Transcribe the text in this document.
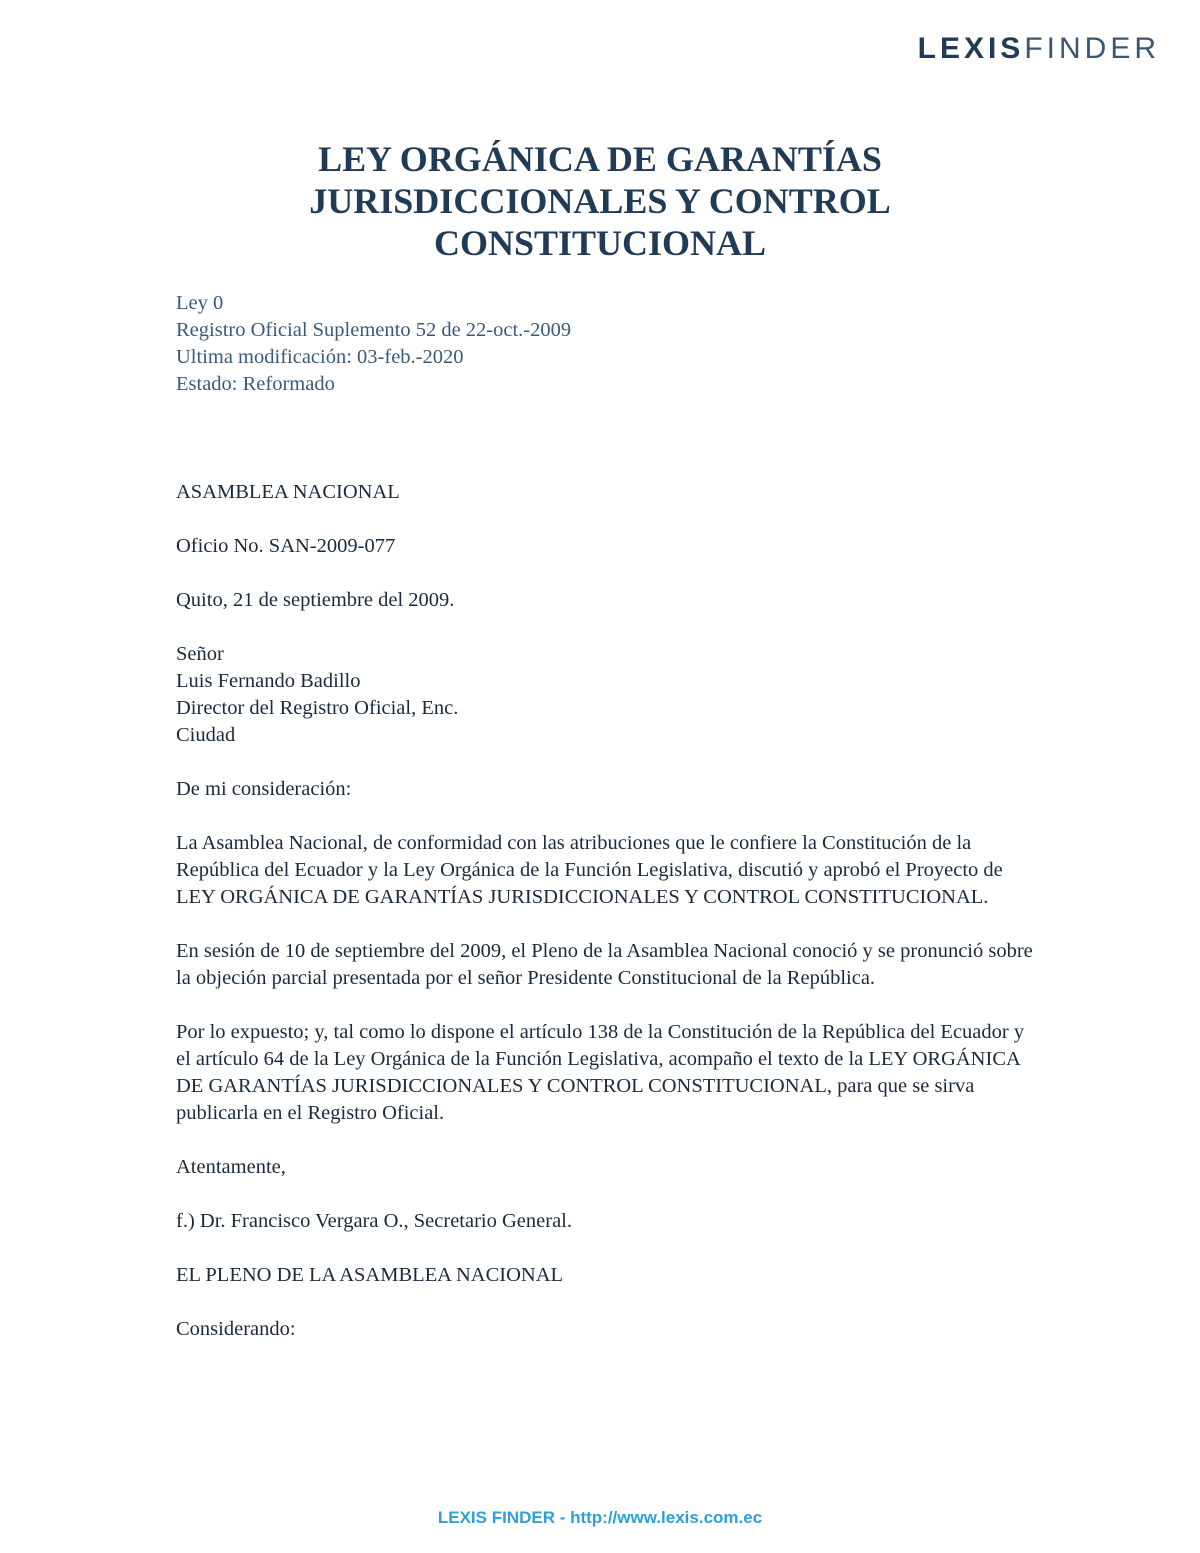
LEXISFINDER
LEY ORGÁNICA DE GARANTÍAS
JURISDICCIONALES Y CONTROL
CONSTITUCIONAL
Ley 0
Registro Oficial Suplemento 52 de 22-oct.-2009
Ultima modificación: 03-feb.-2020
Estado: Reformado

ASAMBLEA NACIONAL

Oficio No. SAN-2009-077

Quito, 21 de septiembre del 2009.

Señor

Luis Fernando Badillo

Director del Registro Oficial, Enc.

Ciudad

De mi consideración:

La Asamblea Nacional, de conformidad con las atribuciones que le confiere la Constitución de la República del Ecuador y la Ley Orgánica de la Función Legislativa, discutió y aprobó el Proyecto de LEY ORGÁNICA DE GARANTÍAS JURISDICCIONALES Y CONTROL CONSTITUCIONAL.

En sesión de 10 de septiembre del 2009, el Pleno de la Asamblea Nacional conoció y se pronunció sobre la objeción parcial presentada por el señor Presidente Constitucional de la República.

Por lo expuesto; y, tal como lo dispone el artículo 138 de la Constitución de la República del Ecuador y el artículo 64 de la Ley Orgánica de la Función Legislativa, acompaño el texto de la LEY ORGÁNICA DE GARANTÍAS JURISDICCIONALES Y CONTROL CONSTITUCIONAL, para que se sirva publicarla en el Registro Oficial.

Atentamente,

f.) Dr. Francisco Vergara O., Secretario General.

EL PLENO DE LA ASAMBLEA NACIONAL

Considerando:

LEXIS FINDER - http://www.lexis.com.ec
